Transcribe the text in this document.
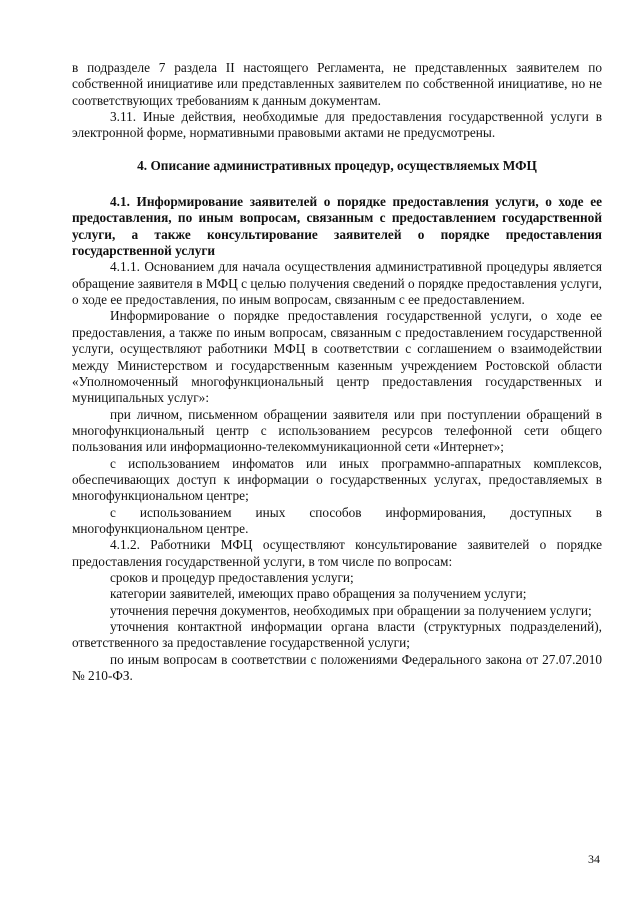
в подразделе 7 раздела II настоящего Регламента, не представленных заявителем по собственной инициативе или представленных заявителем по собственной инициативе, но не соответствующих требованиям к данным документам.

3.11. Иные действия, необходимые для предоставления государственной услуги в электронной форме, нормативными правовыми актами не предусмотрены.

4. Описание административных процедур, осуществляемых МФЦ

4.1. Информирование заявителей о порядке предоставления услуги, о ходе ее предоставления, по иным вопросам, связанным с предоставлением государственной услуги, а также консультирование заявителей о порядке предоставления государственной услуги

4.1.1. Основанием для начала осуществления административной процедуры является обращение заявителя в МФЦ с целью получения сведений о порядке предоставления услуги, о ходе ее предоставления, по иным вопросам, связанным с ее предоставлением.

Информирование о порядке предоставления государственной услуги, о ходе ее предоставления, а также по иным вопросам, связанным с предоставлением государственной услуги, осуществляют работники МФЦ в соответствии с соглашением о взаимодействии между Министерством и государственным казенным учреждением Ростовской области «Уполномоченный многофункциональный центр предоставления государственных и муниципальных услуг»:

при личном, письменном обращении заявителя или при поступлении обращений в многофункциональный центр с использованием ресурсов телефонной сети общего пользования или информационно-телекоммуникационной сети «Интернет»;

с использованием инфоматов или иных программно-аппаратных комплексов, обеспечивающих доступ к информации о государственных услугах, предоставляемых в многофункциональном центре;

с использованием иных способов информирования, доступных в многофункциональном центре.

4.1.2. Работники МФЦ осуществляют консультирование заявителей о порядке предоставления государственной услуги, в том числе по вопросам:

сроков и процедур предоставления услуги;

категории заявителей, имеющих право обращения за получением услуги;

уточнения перечня документов, необходимых при обращении за получением услуги;

уточнения контактной информации органа власти (структурных подразделений), ответственного за предоставление государственной услуги;

по иным вопросам в соответствии с положениями Федерального закона от 27.07.2010 № 210-ФЗ.

34
